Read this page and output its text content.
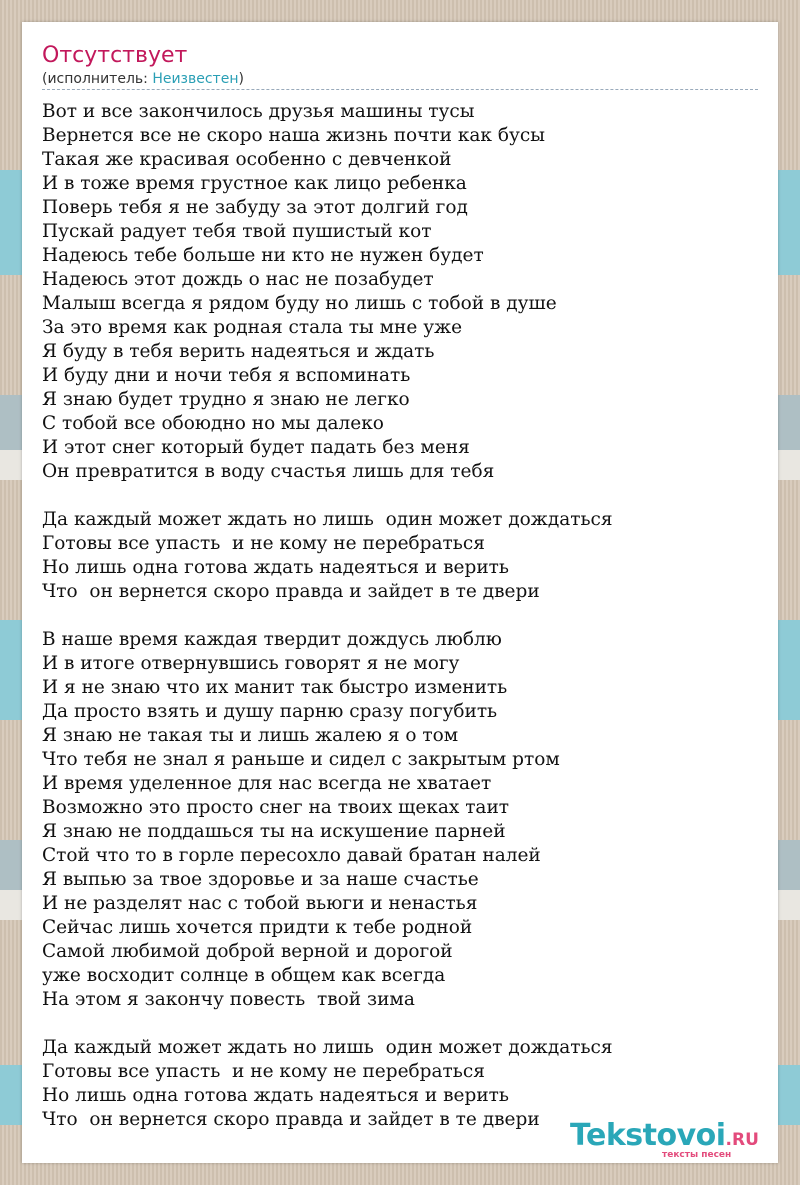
Отсутствует
(исполнитель: Неизвестен)
Вот и все закончилось друзья машины тусы
Вернется все не скоро наша жизнь почти как бусы
Такая же красивая особенно с девченкой
И в тоже время грустное как лицо ребенка
Поверь тебя я не забуду за этот долгий год
Пускай радует тебя твой пушистый кот
Надеюсь тебе больше ни кто не нужен будет
Надеюсь этот дождь о нас не позабудет
Малыш всегда я рядом буду но лишь с тобой в душе
За это время как родная стала ты мне уже
Я буду в тебя верить надеяться и ждать
И буду дни и ночи тебя я вспоминать
Я знаю будет трудно я знаю не легко
С тобой все обоюдно но мы далеко
И этот снег который будет падать без меня
Он превратится в воду счастья лишь для тебя
Да каждый может ждать но лишь  один может дождаться
Готовы все упасть  и не кому не перебраться
Но лишь одна готова ждать надеяться и верить
Что  он вернется скоро правда и зайдет в те двери
В наше время каждая твердит дождусь люблю
И в итоге отвернувшись говорят я не могу
И я не знаю что их манит так быстро изменить
Да просто взять и душу парню сразу погубить
Я знаю не такая ты и лишь жалею я о том
Что тебя не знал я раньше и сидел с закрытым ртом
И время уделенное для нас всегда не хватает
Возможно это просто снег на твоих щеках таит
Я знаю не поддашься ты на искушение парней
Стой что то в горле пересохло давай братан налей
Я выпью за твое здоровье и за наше счастье
И не разделят нас с тобой вьюги и ненастья
Сейчас лишь хочется придти к тебе родной
Самой любимой доброй верной и дорогой
уже восходит солнце в общем как всегда
На этом я закончу повесть  твой зима
Да каждый может ждать но лишь  один может дождаться
Готовы все упасть  и не кому не перебраться
Но лишь одна готова ждать надеяться и верить
Что  он вернется скоро правда и зайдет в те двери	Tekstovoi.RU
тексты песен
